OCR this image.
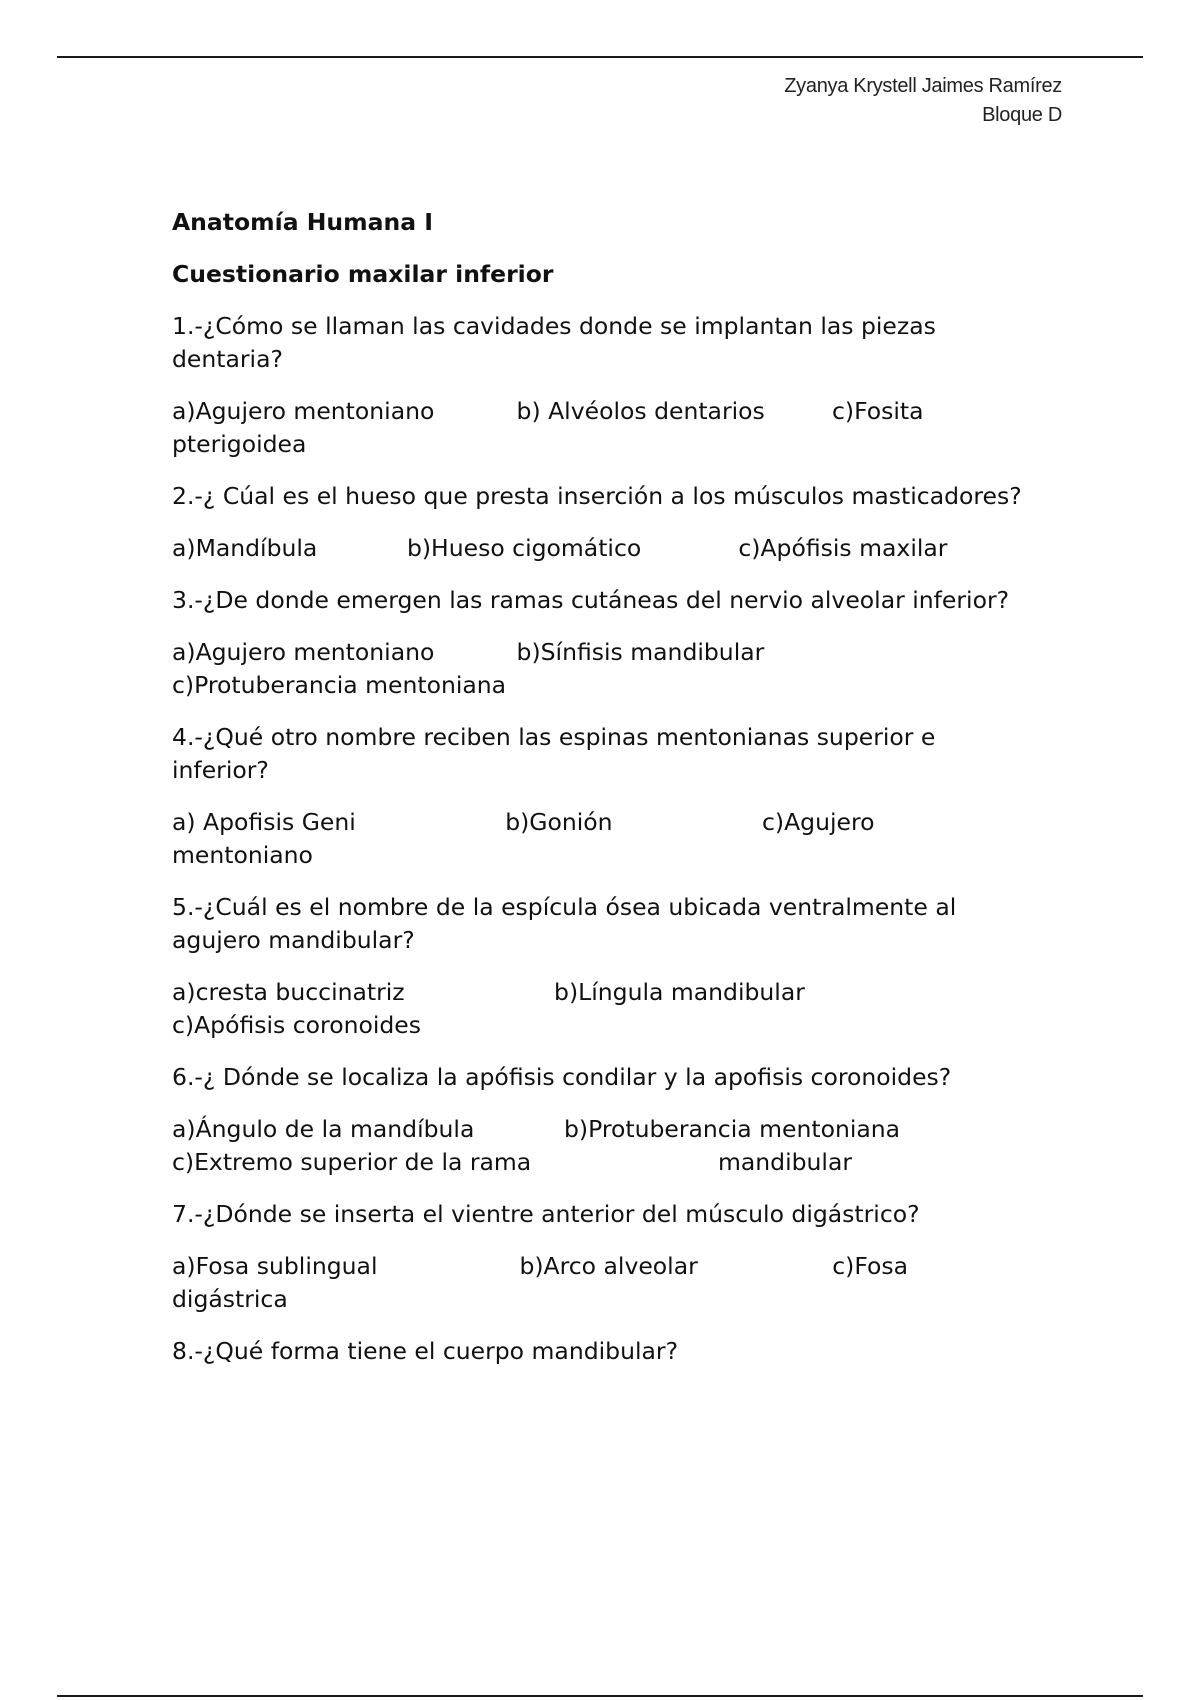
Zyanya Krystell Jaimes Ramírez
Bloque D
Anatomía Humana I
Cuestionario maxilar inferior
1.-¿Cómo se llaman las cavidades donde se implantan las piezas dentaria?
a)Agujero mentoniano	b) Alvéolos dentarios	c)Fosita
pterigoidea
2.-¿ Cúal es el hueso que presta inserción a los músculos masticadores?
a)Mandíbula	b)Hueso cigomático	c)Apófisis maxilar
3.-¿De donde emergen las ramas cutáneas del nervio alveolar inferior?
a)Agujero mentoniano	b)Sínfisis mandibular
c)Protuberancia mentoniana
4.-¿Qué otro nombre reciben las espinas mentonianas superior e inferior?
a) Apofisis Geni	b)Gonión	c)Agujero
mentoniano
5.-¿Cuál es el nombre de la espícula ósea ubicada ventralmente al agujero mandibular?
a)cresta buccinatriz	b)Língula mandibular
c)Apófisis coronoides
6.-¿ Dónde se localiza la apófisis condilar y la apofisis coronoides?
a)Ángulo de la mandíbula	b)Protuberancia mentoniana
c)Extremo superior de la rama	mandibular
7.-¿Dónde se inserta el vientre anterior del músculo digástrico?
a)Fosa sublingual	b)Arco alveolar	c)Fosa
digástrica
8.-¿Qué forma tiene el cuerpo mandibular?
